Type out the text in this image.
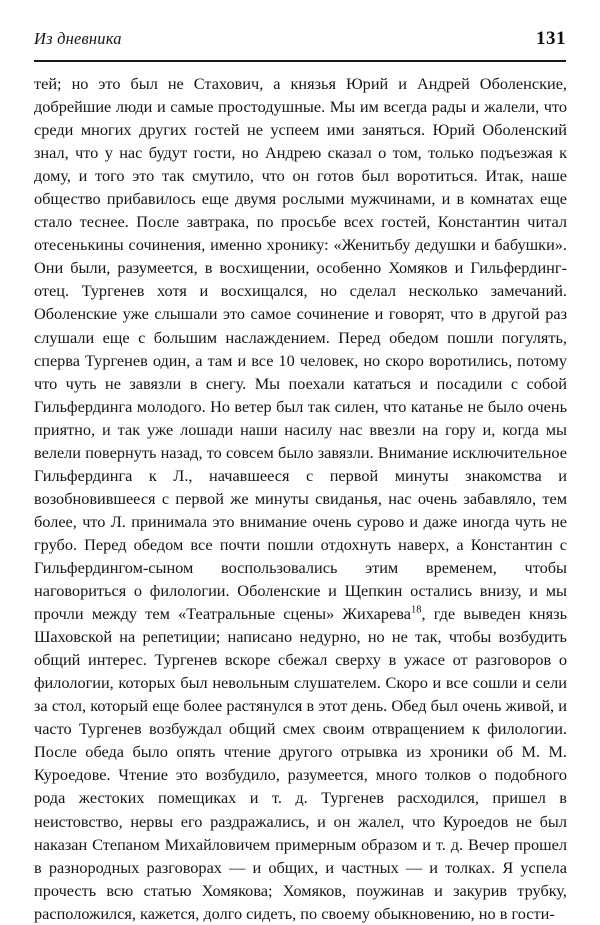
Из дневника	131

тей; но это был не Стахович, а князья Юрий и Андрей Оболенские, добрейшие люди и самые простодушные. Мы им всегда рады и жалели, что среди многих других гостей не успеем ими заняться. Юрий Оболенский знал, что у нас будут гости, но Андрею сказал о том, только подъезжая к дому, и того это так смутило, что он готов был воротиться. Итак, наше общество прибавилось еще двумя рослыми мужчинами, и в комнатах еще стало теснее. После завтрака, по просьбе всех гостей, Константин читал отесенькины сочинения, именно хронику: «Женитьбу дедушки и бабушки». Они были, разумеется, в восхищении, особенно Хомяков и Гильфердинг-отец. Тургенев хотя и восхищался, но сделал несколько замечаний. Оболенские уже слышали это самое сочинение и говорят, что в другой раз слушали еще с большим наслаждением. Перед обедом пошли погулять, сперва Тургенев один, а там и все 10 человек, но скоро воротились, потому что чуть не завязли в снегу. Мы поехали кататься и посадили с собой Гильфердинга молодого. Но ветер был так силен, что катанье не было очень приятно, и так уже лошади наши насилу нас ввезли на гору и, когда мы велели повернуть назад, то совсем было завязли. Внимание исключительное Гильфердинга к Л., начавшееся с первой минуты знакомства и возобновившееся с первой же минуты свиданья, нас очень забавляло, тем более, что Л. принимала это внимание очень сурово и даже иногда чуть не грубо. Перед обедом все почти пошли отдохнуть наверх, а Константин с Гильфердингом-сыном воспользовались этим временем, чтобы наговориться о филологии. Оболенские и Щепкин остались внизу, и мы прочли между тем «Театральные сцены» Жихарева$^{18}$, где выведен князь Шаховской на репетиции; написано недурно, но не так, чтобы возбудить общий интерес. Тургенев вскоре сбежал сверху в ужасе от разговоров о филологии, которых был невольным слушателем. Скоро и все сошли и сели за стол, который еще более растянулся в этот день. Обед был очень живой, и часто Тургенев возбуждал общий смех своим отвращением к филологии. После обеда было опять чтение другого отрывка из хроники об М. М. Куроедове. Чтение это возбудило, разумеется, много толков о подобного рода жестоких помещиках и т. д. Тургенев расходился, пришел в неистовство, нервы его раздражались, и он жалел, что Куроедов не был наказан Степаном Михайловичем примерным образом и т. д. Вечер прошел в разнородных разговорах — и общих, и частных — и толках. Я успела прочесть всю статью Хомякова; Хомяков, поужинав и закурив трубку, расположился, кажется, долго сидеть, по своему обыкновению, но в гости-
